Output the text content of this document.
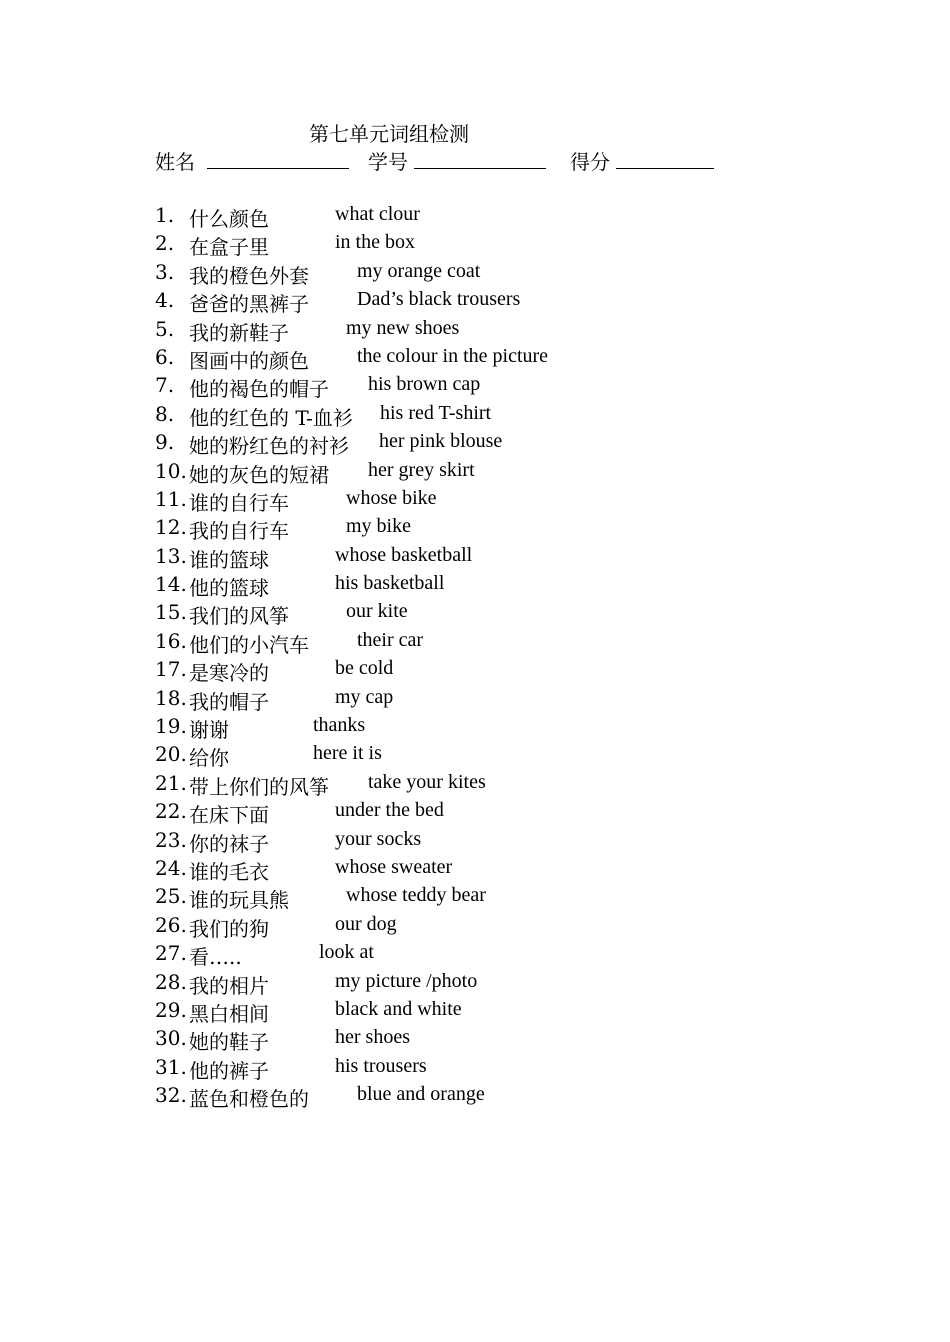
第七单元词组检测
姓名	学号	得分
1. 什么颜色	what clour
2. 在盒子里	in the box
3. 我的橙色外套 my orange coat
4. 爸爸的黑裤子 Dad’s black trousers
5. 我的新鞋子	my new shoes
6. 图画中的颜色 the colour in the picture
7. 他的褐色的帽子 his brown cap
8. 他的红色的 T-血衫 his red T-shirt
9. 她的粉红色的衬衫 her pink blouse
10. 她的灰色的短裙 her grey skirt
11. 谁的自行车	whose bike
12. 我的自行车	my bike
13. 谁的篮球	whose basketball
14. 他的篮球	his basketball
15. 我们的风筝	our kite
16. 他们的小汽车 their car
17. 是寒冷的	be cold
18. 我的帽子	my cap
19. 谢谢	thanks
20. 给你	here it is
21. 带上你们的风筝 take your kites
22. 在床下面	under the bed
23. 你的袜子	your socks
24. 谁的毛衣	whose sweater
25. 谁的玩具熊	whose teddy bear
26. 我们的狗	our dog
27. 看…..	look at
28. 我的相片	my picture /photo
29. 黑白相间	black and white
30. 她的鞋子	her shoes
31. 他的裤子	his trousers
32. 蓝色和橙色的 blue and orange
